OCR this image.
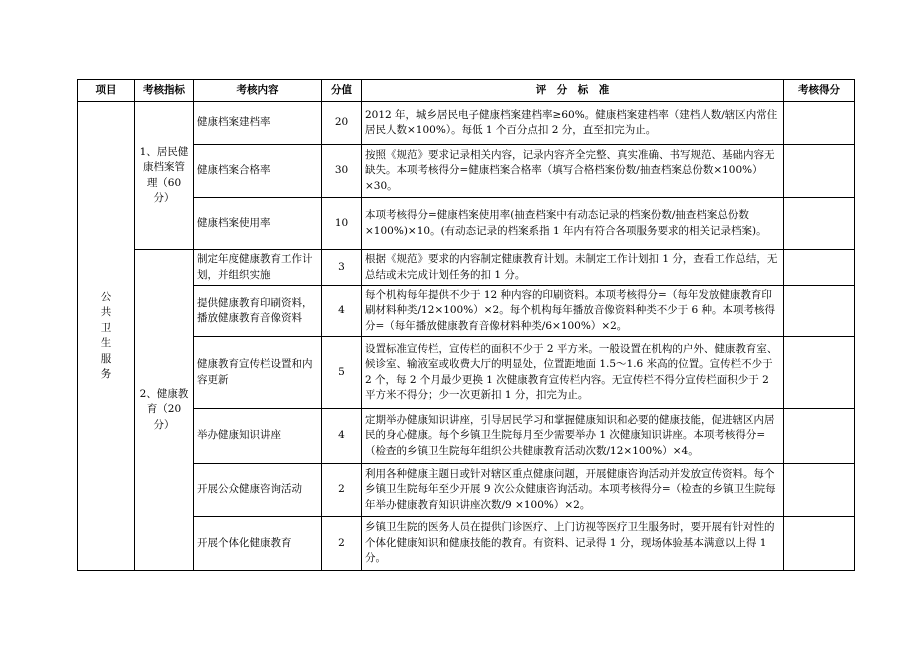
项目	考核指标	考核内容	分值	评　分　标　准	考核得分
公共卫生服务	1、居民健康档案管理（60 分）	健康档案建档率	20	2012 年，城乡居民电子健康档案建档率≥60%。健康档案建档率（建档人数/辖区内常住居民人数×100%）。每低 1 个百分点扣 2 分，直至扣完为止。	
		健康档案合格率	30	按照《规范》要求记录相关内容，记录内容齐全完整、真实准确、书写规范、基础内容无缺失。本项考核得分=健康档案合格率（填写合格档案份数/抽查档案总份数×100%）×30。	
		健康档案使用率	10	本项考核得分=健康档案使用率(抽查档案中有动态记录的档案份数/抽查档案总份数×100%)×10。(有动态记录的档案系指 1 年内有符合各项服务要求的相关记录档案)。	
	2、健康教育（20 分）	制定年度健康教育工作计划，并组织实施	3	根据《规范》要求的内容制定健康教育计划。未制定工作计划扣 1 分，查看工作总结，无总结或未完成计划任务的扣 1 分。	
		提供健康教育印刷资料，播放健康教育音像资料	4	每个机构每年提供不少于 12 种内容的印刷资料。本项考核得分=（每年发放健康教育印刷材料种类/12×100%）×2。每个机构每年播放音像资料种类不少于 6 种。本项考核得分=（每年播放健康教育音像材料种类/6×100%）×2。	
		健康教育宣传栏设置和内容更新	5	设置标准宣传栏，宣传栏的面积不少于 2 平方米。一般设置在机构的户外、健康教育室、候诊室、输液室或收费大厅的明显处，位置距地面 1.5～1.6 米高的位置。宣传栏不少于 2 个，每 2 个月最少更换 1 次健康教育宣传栏内容。无宣传栏不得分宣传栏面积少于 2 平方米不得分；少一次更新扣 1 分，扣完为止。	
		举办健康知识讲座	4	定期举办健康知识讲座，引导居民学习和掌握健康知识和必要的健康技能，促进辖区内居民的身心健康。每个乡镇卫生院每月至少需要举办 1 次健康知识讲座。本项考核得分=（检查的乡镇卫生院每年组织公共健康教育活动次数/12×100%）×4。	
		开展公众健康咨询活动	2	利用各种健康主题日或针对辖区重点健康问题，开展健康咨询活动并发放宣传资料。每个乡镇卫生院每年至少开展 9 次公众健康咨询活动。本项考核得分=（检查的乡镇卫生院每年举办健康教育知识讲座次数/9 ×100%）×2。	
		开展个体化健康教育	2	乡镇卫生院的医务人员在提供门诊医疗、上门访视等医疗卫生服务时，要开展有针对性的个体化健康知识和健康技能的教育。有资料、记录得 1 分，现场体验基本满意以上得 1 分。	
